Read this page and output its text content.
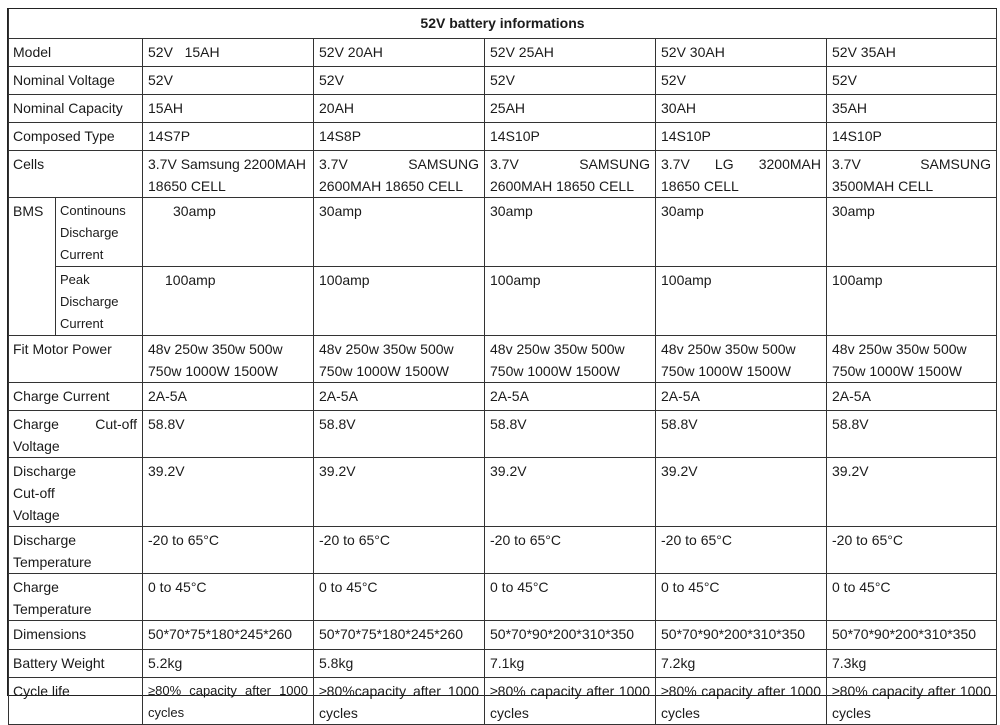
52V battery informations						
Model		52V   15AH	52V 20AH	52V 25AH	52V 30AH	52V 35AH
Nominal Voltage		52V	52V	52V	52V	52V
Nominal Capacity		15AH	20AH	25AH	30AH	35AH
Composed Type		14S7P	14S8P	14S10P	14S10P	14S10P
Cells		3.7V Samsung 2200MAH 18650 CELL	3.7V SAMSUNG 2600MAH 18650 CELL	3.7V SAMSUNG 2600MAH 18650 CELL	3.7V LG 3200MAH 18650 CELL	3.7V SAMSUNG 3500MAH CELL
BMS	Continouns Discharge Current	30amp	30amp	30amp	30amp	30amp
	Peak Discharge Current	100amp	100amp	100amp	100amp	100amp
Fit Motor Power		48v 250w 350w 500w 750w 1000W 1500W	48v 250w 350w 500w 750w 1000W 1500W	48v 250w 350w 500w 750w 1000W 1500W	48v 250w 350w 500w 750w 1000W 1500W	48v 250w 350w 500w 750w 1000W 1500W
Charge Current		2A-5A	2A-5A	2A-5A	2A-5A	2A-5A
Charge Cut-off Voltage		58.8V	58.8V	58.8V	58.8V	58.8V
Discharge Cut-off Voltage		39.2V	39.2V	39.2V	39.2V	39.2V
Discharge Temperature		-20 to 65°C	-20 to 65°C	-20 to 65°C	-20 to 65°C	-20 to 65°C
Charge Temperature		0 to 45°C	0 to 45°C	0 to 45°C	0 to 45°C	0 to 45°C
Dimensions		50*70*75*180*245*260	50*70*75*180*245*260	50*70*90*200*310*350	50*70*90*200*310*350	50*70*90*200*310*350
Battery Weight		5.2kg	5.8kg	7.1kg	7.2kg	7.3kg
Cycle life		≥80% capacity after 1000 cycles	≥80%capacity after 1000 cycles	≥80% capacity after 1000 cycles	≥80% capacity after 1000 cycles	≥80% capacity after 1000 cycles
